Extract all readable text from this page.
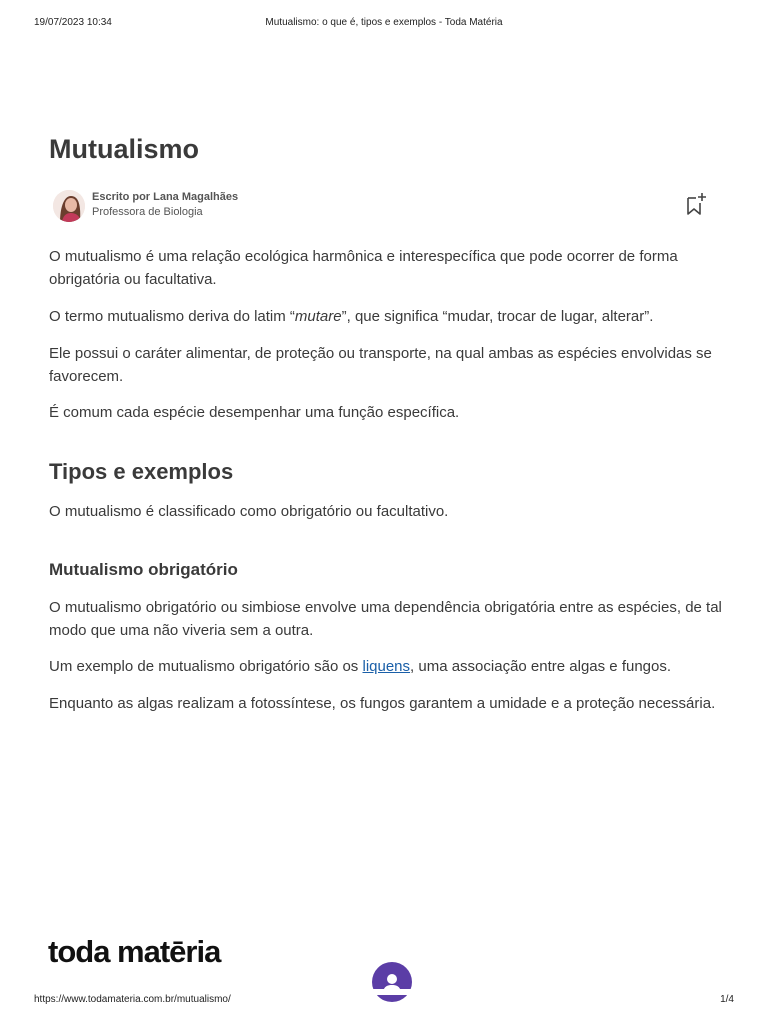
19/07/2023 10:34	Mutualismo: o que é, tipos e exemplos - Toda Matéria
Mutualismo
Escrito por Lana Magalhães
Professora de Biologia

O mutualismo é uma relação ecológica harmônica e interespecífica que pode ocorrer de forma obrigatória ou facultativa.

O termo mutualismo deriva do latim “mutare”, que significa “mudar, trocar de lugar, alterar”.

Ele possui o caráter alimentar, de proteção ou transporte, na qual ambas as espécies envolvidas se favorecem.

É comum cada espécie desempenhar uma função específica.

Tipos e exemplos

O mutualismo é classificado como obrigatório ou facultativo.

Mutualismo obrigatório

O mutualismo obrigatório ou simbiose envolve uma dependência obrigatória entre as espécies, de tal modo que uma não viveria sem a outra.

Um exemplo de mutualismo obrigatório são os liquens, uma associação entre algas e fungos.

Enquanto as algas realizam a fotossíntese, os fungos garantem a umidade e a proteção necessária.

toda matēria
https://www.todamateria.com.br/mutualismo/	1/4
